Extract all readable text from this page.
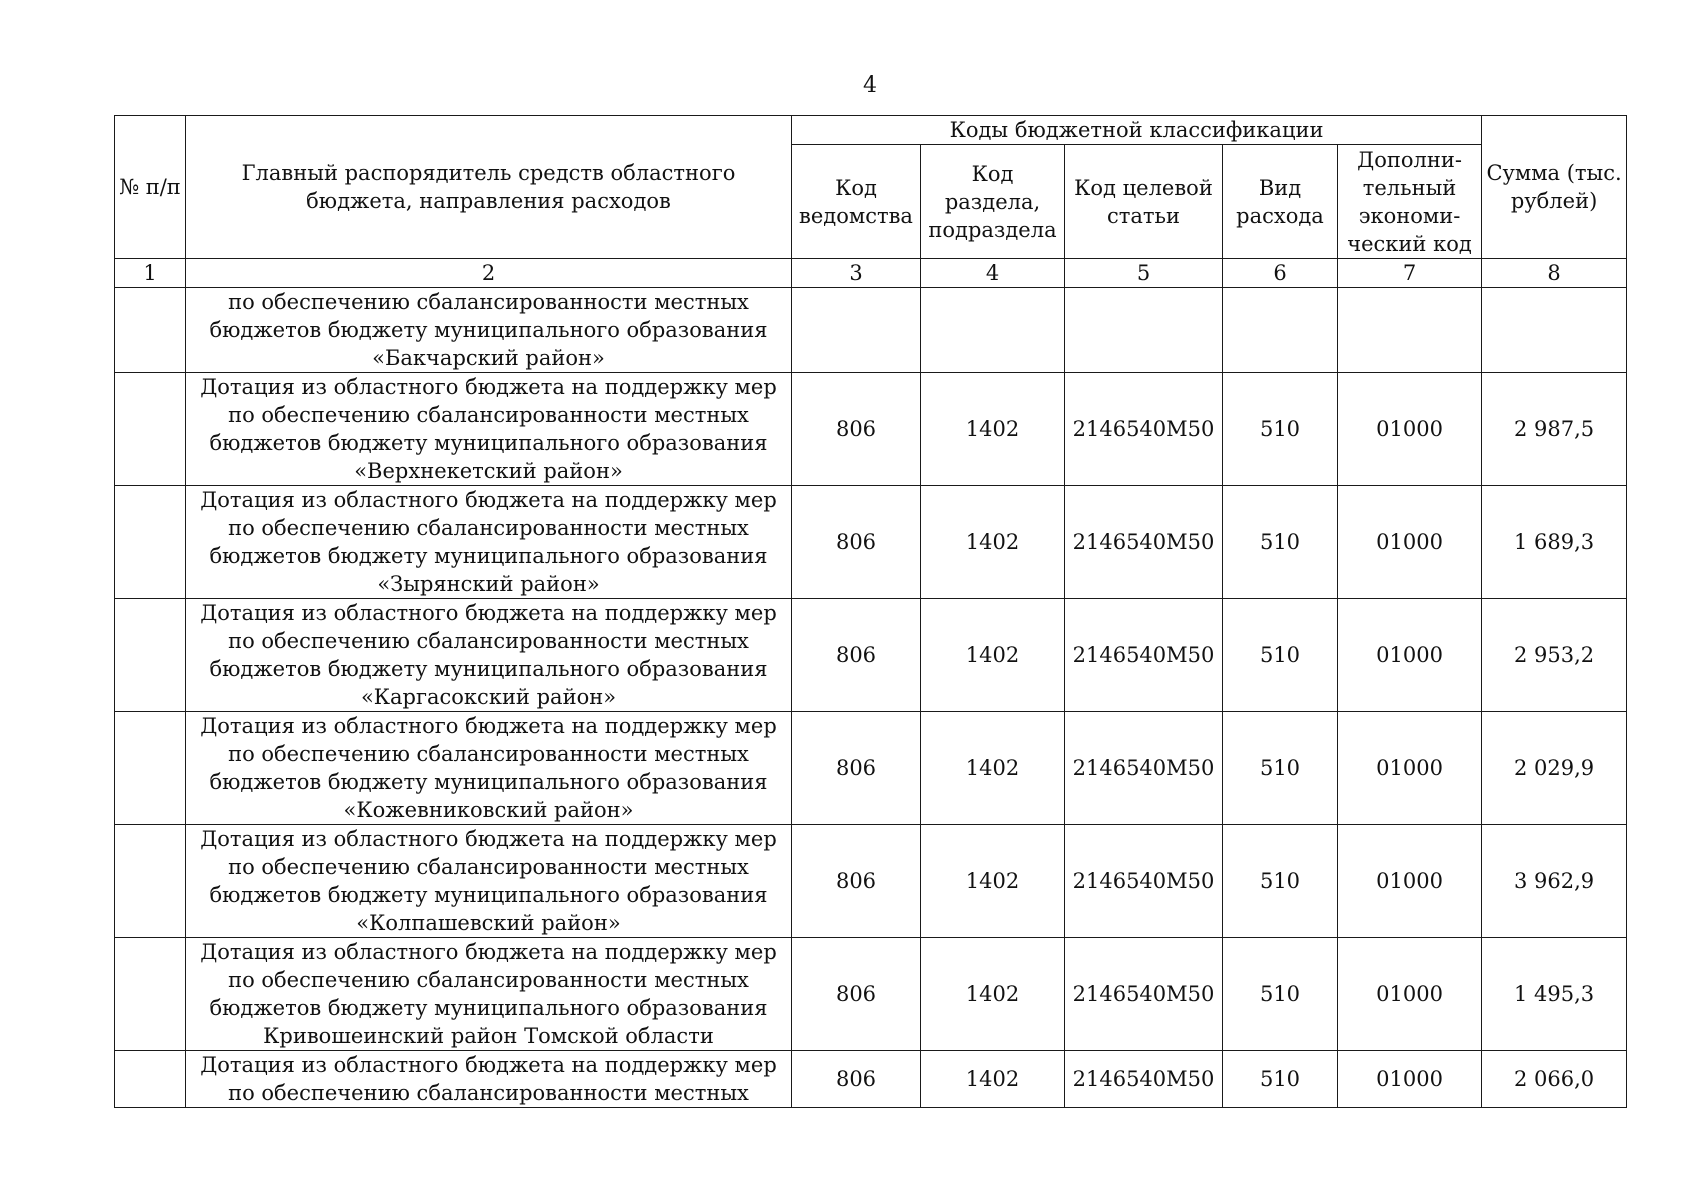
4
№ п/п	Главный распорядитель средств областного бюджета, направления расходов	Коды бюджетной классификации					Сумма (тыс. рублей)
		Код ведомства	Код раздела, подраздела	Код целевой статьи	Вид расхода	Дополни-тельный экономи-ческий код	
1	2	3	4	5	6	7	8

	по обеспечению сбалансированности местных
бюджетов бюджету муниципального образования
«Бакчарский район»						

	Дотация из областного бюджета на поддержку мер
по обеспечению сбалансированности местных
бюджетов бюджету муниципального образования
«Верхнекетский район»	806	1402	2146540M50	510	01000	2 987,5

	Дотация из областного бюджета на поддержку мер
по обеспечению сбалансированности местных
бюджетов бюджету муниципального образования
«Зырянский район»	806	1402	2146540M50	510	01000	1 689,3

	Дотация из областного бюджета на поддержку мер
по обеспечению сбалансированности местных
бюджетов бюджету муниципального образования
«Каргасокский район»	806	1402	2146540M50	510	01000	2 953,2

	Дотация из областного бюджета на поддержку мер
по обеспечению сбалансированности местных
бюджетов бюджету муниципального образования
«Кожевниковский район»	806	1402	2146540M50	510	01000	2 029,9

	Дотация из областного бюджета на поддержку мер
по обеспечению сбалансированности местных
бюджетов бюджету муниципального образования
«Колпашевский район»	806	1402	2146540M50	510	01000	3 962,9

	Дотация из областного бюджета на поддержку мер
по обеспечению сбалансированности местных
бюджетов бюджету муниципального образования
Кривошеинский район Томской области	806	1402	2146540M50	510	01000	1 495,3

	Дотация из областного бюджета на поддержку мер
по обеспечению сбалансированности местных	806	1402	2146540M50	510	01000	2 066,0
